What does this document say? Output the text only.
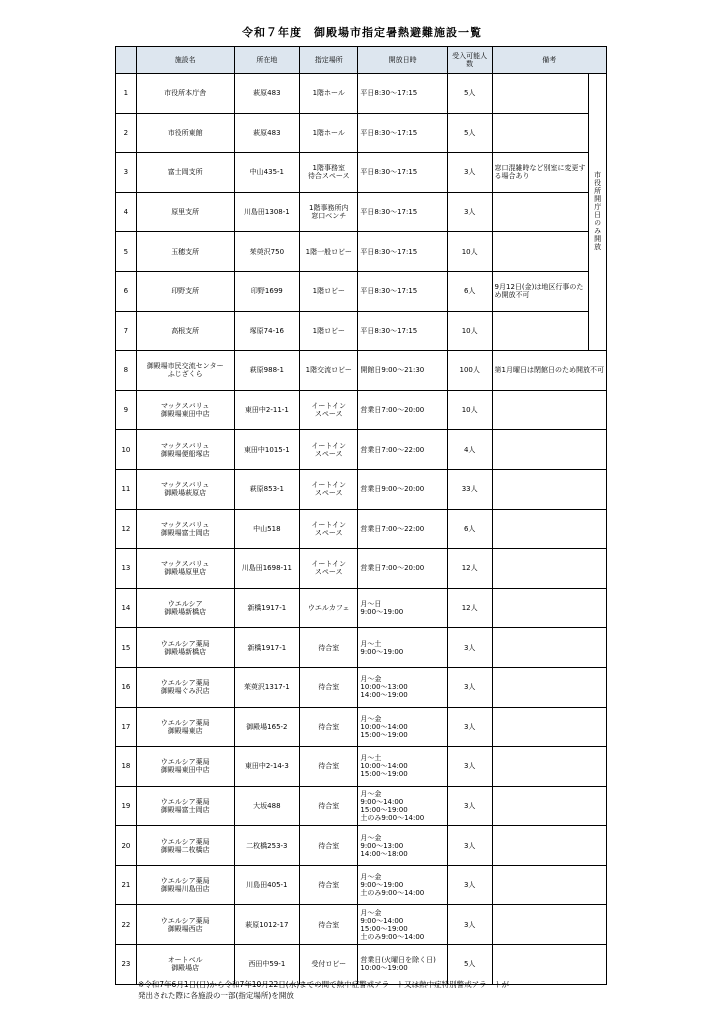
令和７年度　御殿場市指定暑熱避難施設一覧
	施設名	所在地	指定場所	開放日時	受入可能人数	備考	
1	市役所本庁舎	萩原483	1階ホール	平日8:30～17:15	5人		市役所開庁日のみ開放
2	市役所東館	萩原483	1階ホール	平日8:30～17:15	5人		
3	富士岡支所	中山435-1	1階事務室
待合スペース	平日8:30～17:15	3人	窓口混雑時など別室に変更する場合あり	
4	原里支所	川島田1308-1	1階事務所内
窓口ベンチ	平日8:30～17:15	3人		
5	玉穂支所	茱萸沢750	1階一般ロビー	平日8:30～17:15	10人		
6	印野支所	印野1699	1階ロビー	平日8:30～17:15	6人	9月12日(金)は地区行事のため開放不可	
7	高根支所	塚原74-16	1階ロビー	平日8:30～17:15	10人		
8	御殿場市民交流センター
ふじざくら	萩原988-1	1階交流ロビー	開館日9:00～21:30	100人	第1月曜日は閉館日のため開放不可	
9	マックスバリュ
御殿場東田中店	東田中2-11-1	イートイン
スペース	営業日7:00～20:00	10人		
10	マックスバリュ
御殿場便船塚店	東田中1015-1	イートイン
スペース	営業日7:00～22:00	4人		
11	マックスバリュ
御殿場萩原店	萩原853-1	イートイン
スペース	営業日9:00～20:00	33人		
12	マックスバリュ
御殿場富士岡店	中山518	イートイン
スペース	営業日7:00～22:00	6人		
13	マックスバリュ
御殿場原里店	川島田1698-11	イートイン
スペース	営業日7:00～20:00	12人		
14	ウエルシア
御殿場新橋店	新橋1917-1	ウエルカフェ	月～日
9:00～19:00	12人		
15	ウエルシア薬局
御殿場新橋店	新橋1917-1	待合室	月～土
9:00～19:00	3人		
16	ウエルシア薬局
御殿場ぐみ沢店	茱萸沢1317-1	待合室	月～金
10:00～13:00
14:00～19:00	3人		
17	ウエルシア薬局
御殿場東店	御殿場165-2	待合室	月～金
10:00～14:00
15:00～19:00	3人		
18	ウエルシア薬局
御殿場東田中店	東田中2-14-3	待合室	月～土
10:00～14:00
15:00～19:00	3人		
19	ウエルシア薬局
御殿場富士岡店	大坂488	待合室	月～金
9:00～14:00
15:00～19:00
土のみ9:00～14:00	3人		
20	ウエルシア薬局
御殿場二枚橋店	二枚橋253-3	待合室	月～金
9:00～13:00
14:00～18:00	3人		
21	ウエルシア薬局
御殿場川島田店	川島田405-1	待合室	月～金
9:00～19:00
土のみ9:00～14:00	3人		
22	ウエルシア薬局
御殿場西店	萩原1012-17	待合室	月～金
9:00～14:00
15:00～19:00
土のみ9:00～14:00	3人		
23	オートベル
御殿場店	西田中59-1	受付ロビー	営業日(火曜日を除く日)
10:00～19:00	5人		
※令和7年6月1日(日)から令和7年10月22日(水)までの間で熱中症警戒アラート又は熱中症特別警戒アラートが
発出された際に各施設の一部(指定場所)を開放
